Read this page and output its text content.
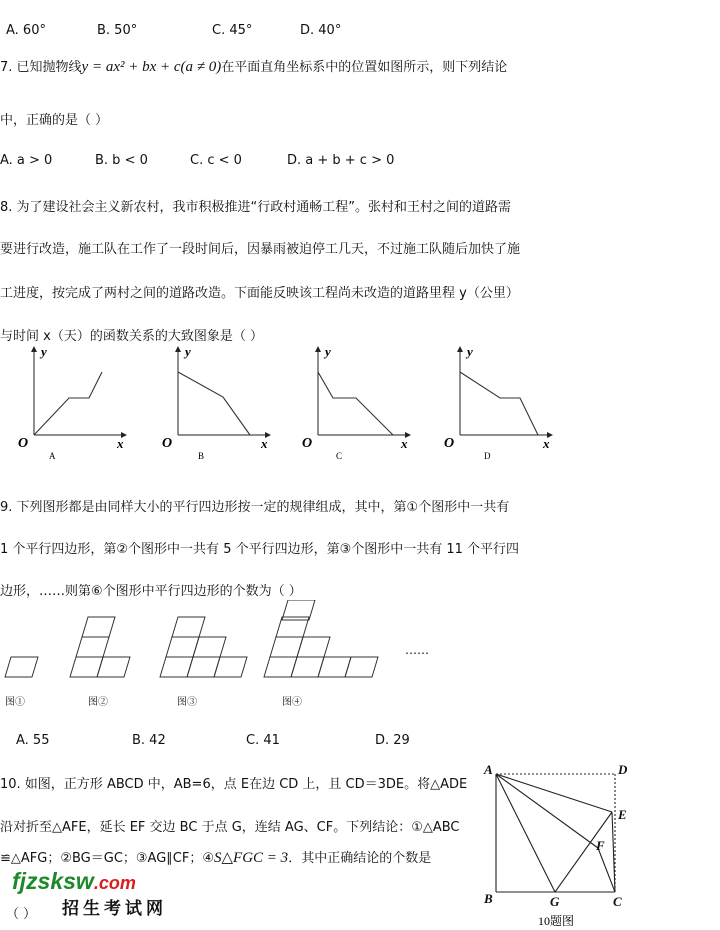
A. 60°	B. 50°	C. 45°	D. 40°
7. 已知抛物线y = ax² + bx + c(a ≠ 0)在平面直角坐标系中的位置如图所示，则下列结论
中，正确的是（ ）
A. a > 0	B. b < 0	C. c < 0	D. a + b + c > 0
8. 为了建设社会主义新农村，我市积极推进“行政村通畅工程”。张村和王村之间的道路需
要进行改造，施工队在工作了一段时间后，因暴雨被迫停工几天，不过施工队随后加快了施
工进度，按完成了两村之间的道路改造。下面能反映该工程尚未改造的道路里程 y（公里）
与时间 x（天）的函数关系的大致图象是（ ）
y
x
O
A
y
x
O
B
y
x
O
C
y
x
O
D
9. 下列图形都是由同样大小的平行四边形按一定的规律组成，其中，第①个图形中一共有
1 个平行四边形，第②个图形中一共有 5 个平行四边形，第③个图形中一共有 11 个平行四
边形，……则第⑥个图形中平行四边形的个数为（ ）
……
图①	图②	图③	图④
A. 55	B. 42	C. 41	D. 29
10. 如图，正方形 ABCD 中，AB=6，点 E在边 CD 上，且 CD＝3DE。将△ADE
沿对折至△AFE，延长 EF 交边 BC 于点 G，连结 AG、CF。下列结论：①△ABC
≌△AFG；②BG＝GC；③AG∥CF；④S△FGC = 3．其中正确结论的个数是
（ ）
A	D
E
F
B	G	C
10题图
fjzsksw.com
招生考试网
